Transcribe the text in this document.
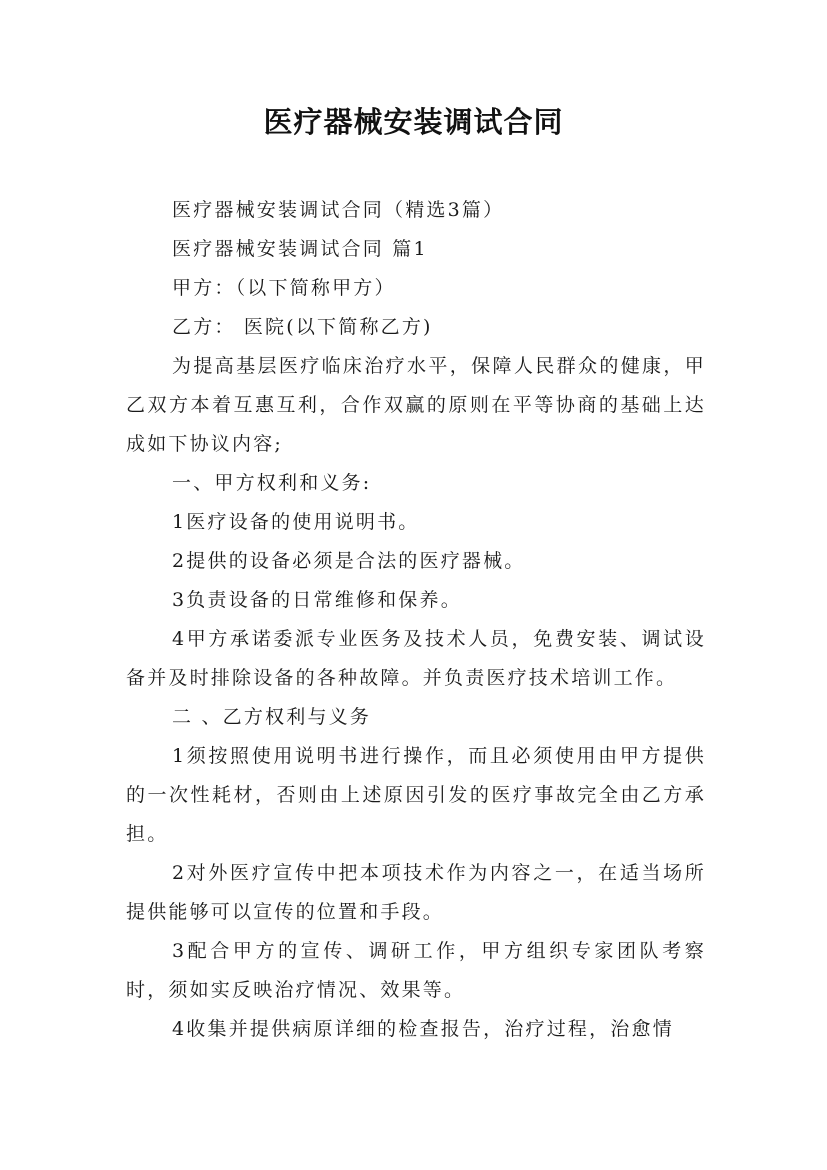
医疗器械安装调试合同

医疗器械安装调试合同（精选3篇）

医疗器械安装调试合同 篇1

甲方：（以下简称甲方）

乙方： 医院(以下简称乙方)

为提高基层医疗临床治疗水平，保障人民群众的健康，甲乙双方本着互惠互利，合作双赢的原则在平等协商的基础上达成如下协议内容;

一、甲方权利和义务:

1医疗设备的使用说明书。

2提供的设备必须是合法的医疗器械。

3负责设备的日常维修和保养。

4甲方承诺委派专业医务及技术人员，免费安装、调试设备并及时排除设备的各种故障。并负责医疗技术培训工作。

二 、乙方权利与义务

1须按照使用说明书进行操作，而且必须使用由甲方提供的一次性耗材，否则由上述原因引发的医疗事故完全由乙方承担。

2对外医疗宣传中把本项技术作为内容之一，在适当场所提供能够可以宣传的位置和手段。

3配合甲方的宣传、调研工作，甲方组织专家团队考察时，须如实反映治疗情况、效果等。

4收集并提供病原详细的检查报告，治疗过程，治愈情
